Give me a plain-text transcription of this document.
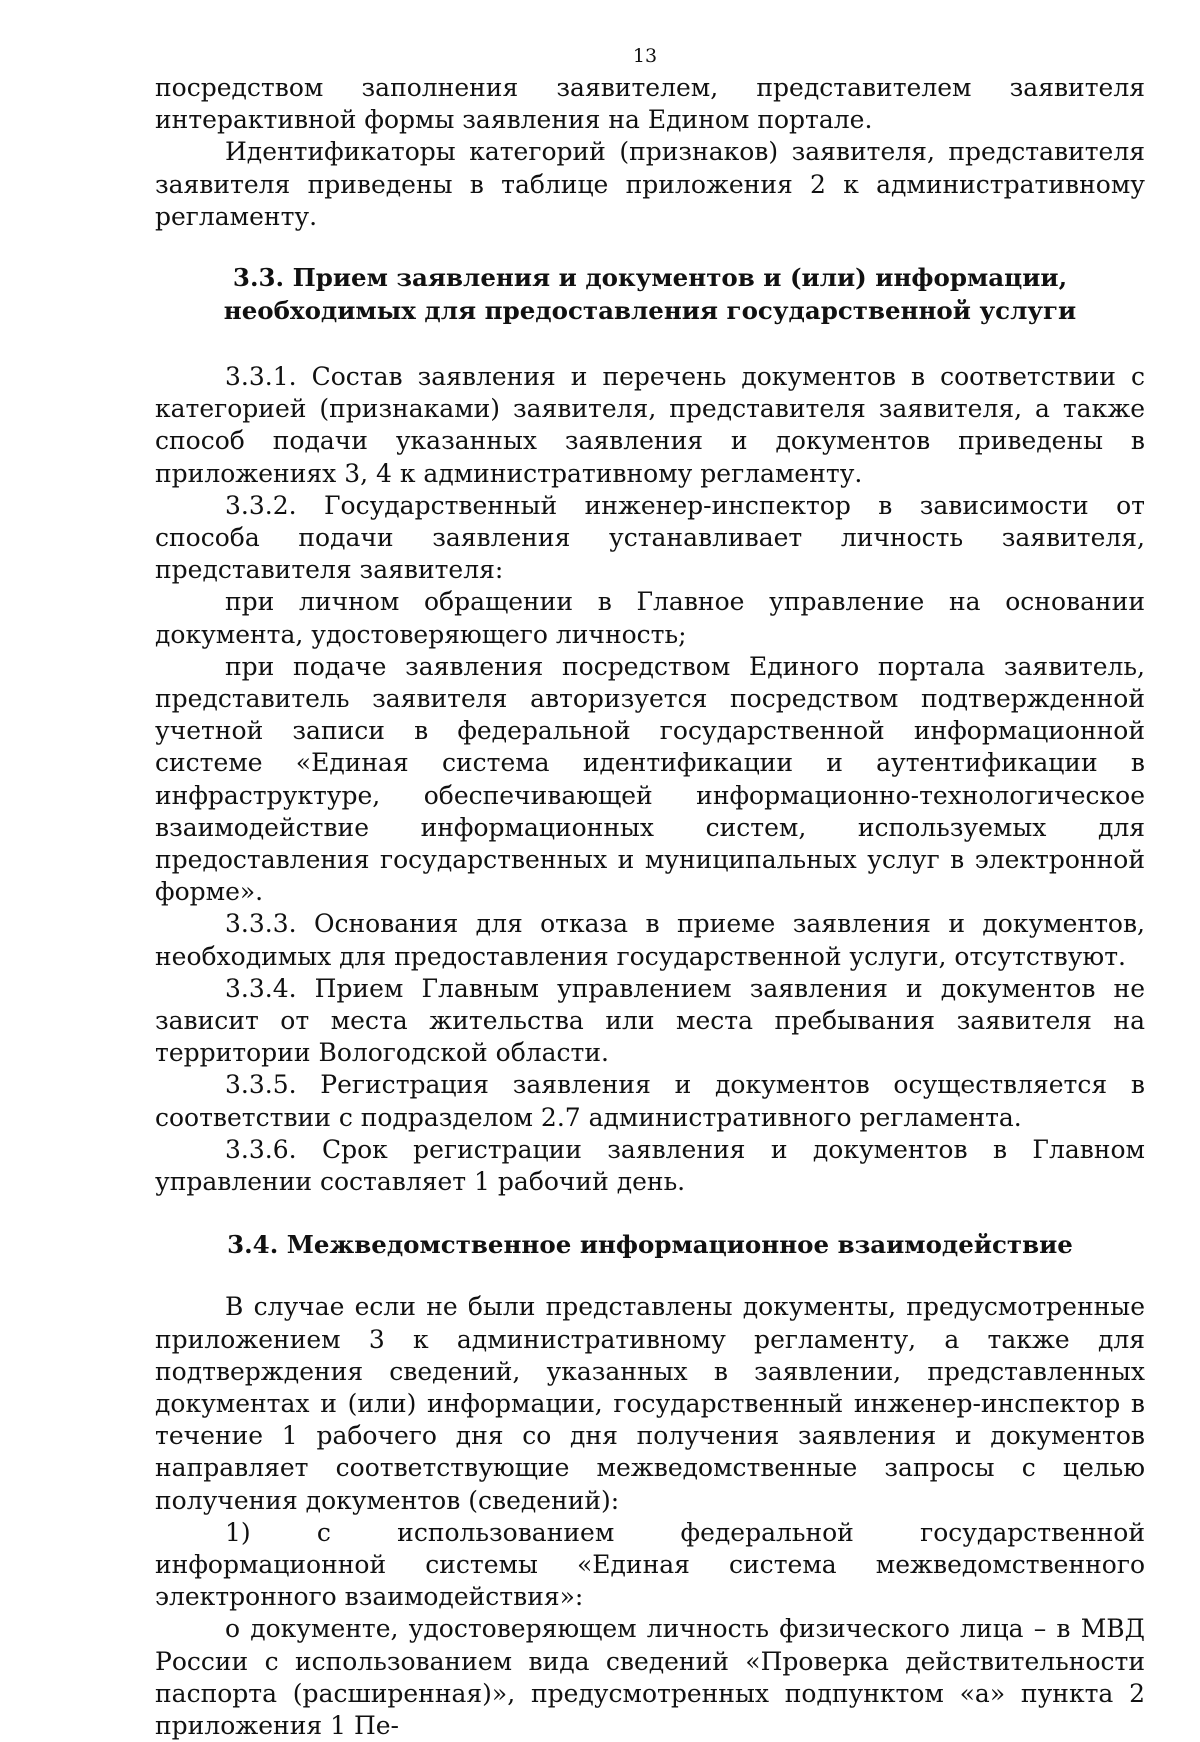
13

посредством заполнения заявителем, представителем заявителя интерактивной формы заявления на Едином портале.

Идентификаторы категорий (признаков) заявителя, представителя заявителя приведены в таблице приложения 2 к административному регламенту.

3.3. Прием заявления и документов и (или) информации,
необходимых для предоставления государственной услуги

3.3.1. Состав заявления и перечень документов в соответствии с категорией (признаками) заявителя, представителя заявителя, а также способ подачи указанных заявления и документов приведены в приложениях 3, 4 к административному регламенту.

3.3.2. Государственный инженер-инспектор в зависимости от способа подачи заявления устанавливает личность заявителя, представителя заявителя:

при личном обращении в Главное управление на основании документа, удостоверяющего личность;

при подаче заявления посредством Единого портала заявитель, представитель заявителя авторизуется посредством подтвержденной учетной записи в федеральной государственной информационной системе «Единая система идентификации и аутентификации в инфраструктуре, обеспечивающей информационно-технологическое взаимодействие информационных систем, используемых для предоставления государственных и муниципальных услуг в электронной форме».

3.3.3. Основания для отказа в приеме заявления и документов, необходимых для предоставления государственной услуги, отсутствуют.

3.3.4. Прием Главным управлением заявления и документов не зависит от места жительства или места пребывания заявителя на территории Вологодской области.

3.3.5. Регистрация заявления и документов осуществляется в соответствии с подразделом 2.7 административного регламента.

3.3.6. Срок регистрации заявления и документов в Главном управлении составляет 1 рабочий день.

3.4. Межведомственное информационное взаимодействие

В случае если не были представлены документы, предусмотренные приложением 3 к административному регламенту, а также для подтверждения сведений, указанных в заявлении, представленных документах и (или) информации, государственный инженер-инспектор в течение 1 рабочего дня со дня получения заявления и документов направляет соответствующие межведомственные запросы с целью получения документов (сведений):

1) с использованием федеральной государственной информационной системы «Единая система межведомственного электронного взаимодействия»:

о документе, удостоверяющем личность физического лица – в МВД России с использованием вида сведений «Проверка действительности паспорта (расширенная)», предусмотренных подпунктом «а» пункта 2 приложения 1 Пе-
